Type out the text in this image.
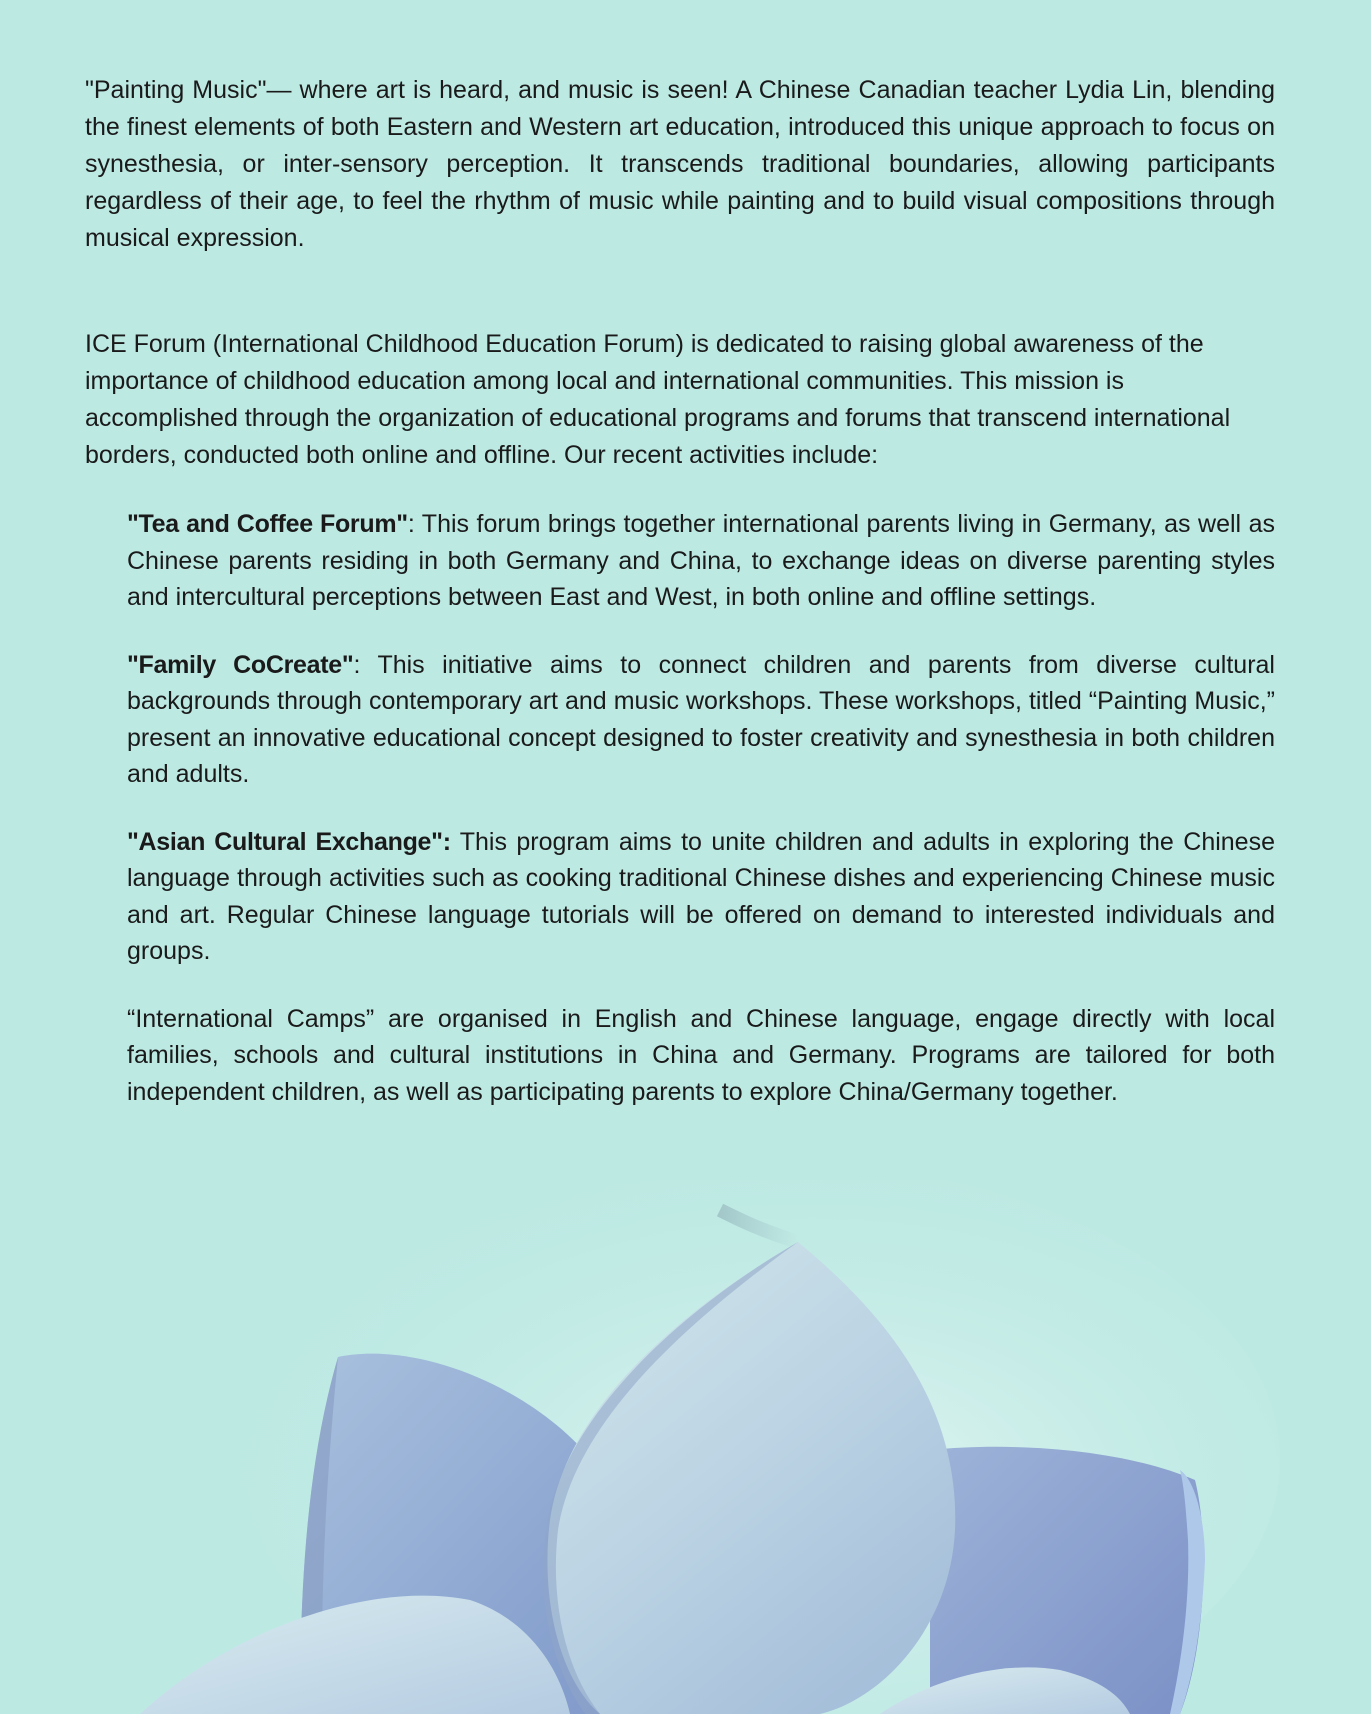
"Painting Music"— where art is heard, and music is seen! A Chinese Canadian teacher Lydia Lin, blending the finest elements of both Eastern and Western art education, introduced this unique approach to focus on synesthesia, or inter-sensory perception. It transcends traditional boundaries, allowing participants regardless of their age, to feel the rhythm of music while painting and to build visual compositions through musical expression.

ICE Forum (International Childhood Education Forum) is dedicated to raising global awareness of the importance of childhood education among local and international communities. This mission is accomplished through the organization of educational programs and forums that transcend international borders, conducted both online and offline. Our recent activities include:

"Tea and Coffee Forum": This forum brings together international parents living in Germany, as well as Chinese parents residing in both Germany and China, to exchange ideas on diverse parenting styles and intercultural perceptions between East and West, in both online and offline settings.

"Family CoCreate": This initiative aims to connect children and parents from diverse cultural backgrounds through contemporary art and music workshops. These workshops, titled “Painting Music,” present an innovative educational concept designed to foster creativity and synesthesia in both children and adults.

"Asian Cultural Exchange": This program aims to unite children and adults in exploring the Chinese language through activities such as cooking traditional Chinese dishes and experiencing Chinese music and art. Regular Chinese language tutorials will be offered on demand to interested individuals and groups.

“International Camps” are organised in English and Chinese language, engage directly with local families, schools and cultural institutions in China and Germany. Programs are tailored for both independent children, as well as participating parents to explore China/Germany together.
